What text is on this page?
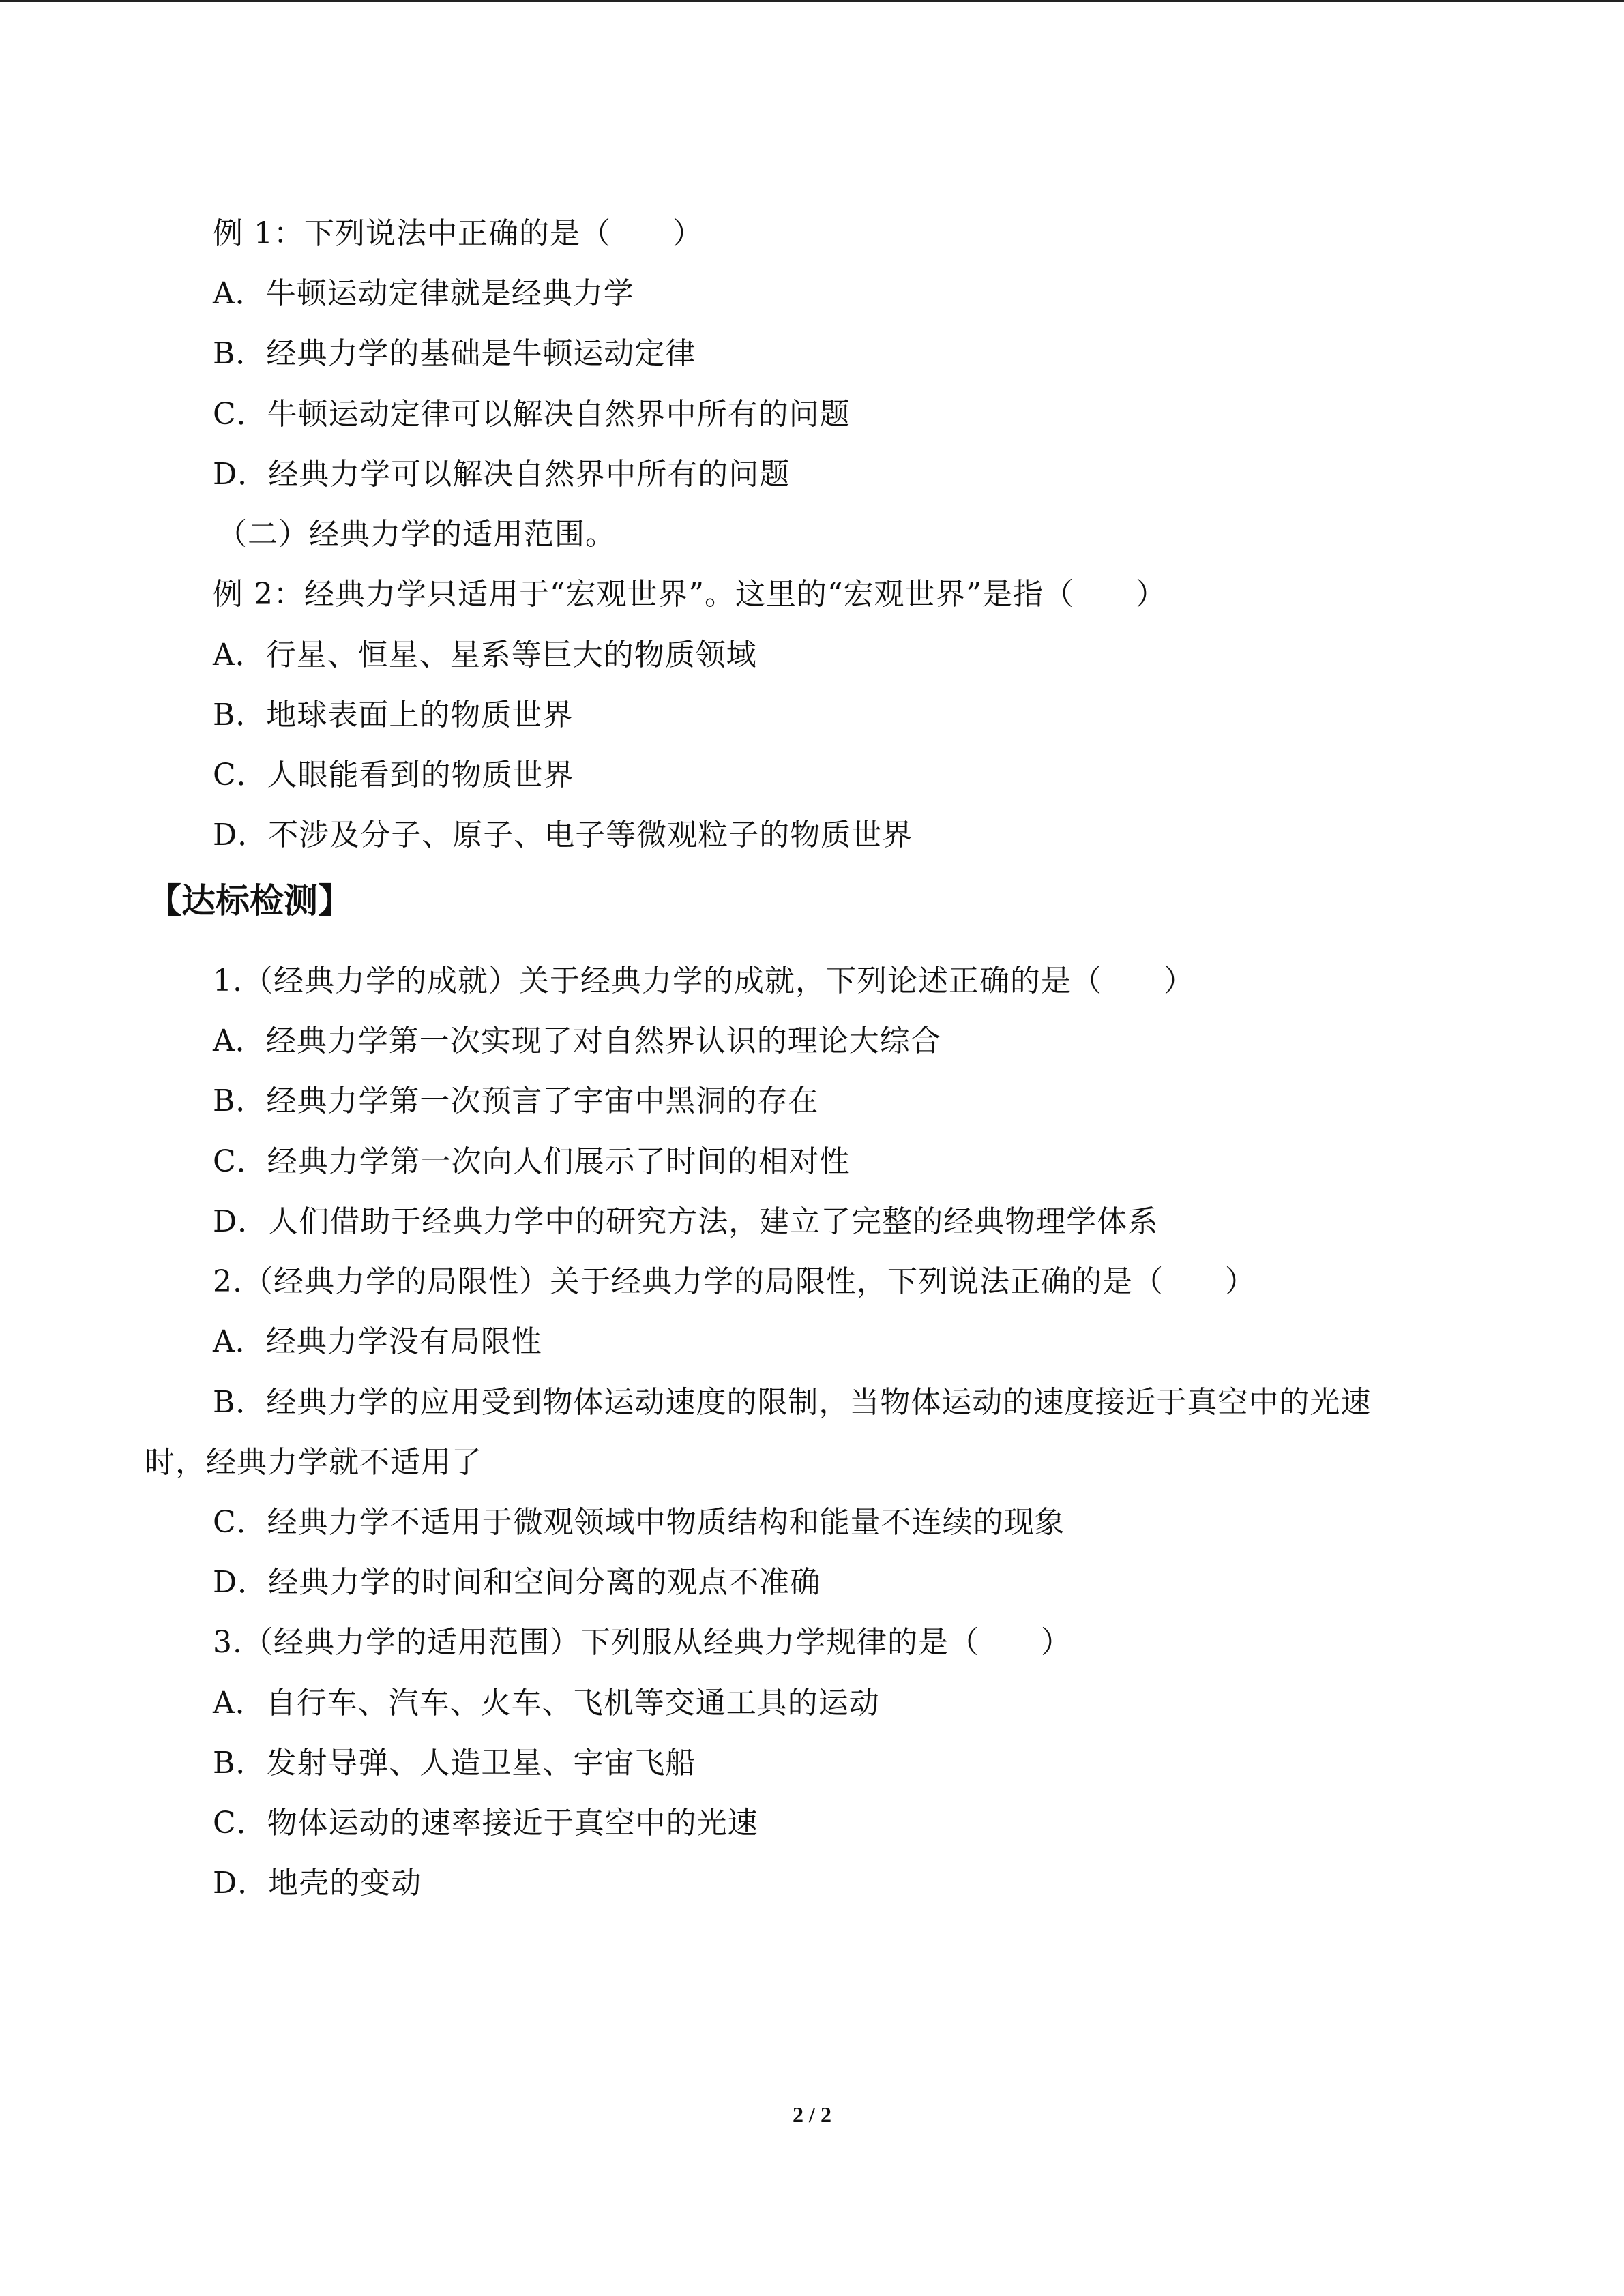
例 1：下列说法中正确的是（　　）
A．牛顿运动定律就是经典力学
B．经典力学的基础是牛顿运动定律
C．牛顿运动定律可以解决自然界中所有的问题
D．经典力学可以解决自然界中所有的问题
（二）经典力学的适用范围。
例 2：经典力学只适用于“宏观世界”。这里的“宏观世界”是指（　　）
A．行星、恒星、星系等巨大的物质领域
B．地球表面上的物质世界
C．人眼能看到的物质世界
D．不涉及分子、原子、电子等微观粒子的物质世界
【达标检测】
1.（经典力学的成就）关于经典力学的成就，下列论述正确的是（　　）
A．经典力学第一次实现了对自然界认识的理论大综合
B．经典力学第一次预言了宇宙中黑洞的存在
C．经典力学第一次向人们展示了时间的相对性
D．人们借助于经典力学中的研究方法，建立了完整的经典物理学体系
2.（经典力学的局限性）关于经典力学的局限性，下列说法正确的是（　　）
A．经典力学没有局限性
B．经典力学的应用受到物体运动速度的限制，当物体运动的速度接近于真空中的光速
时，经典力学就不适用了
C．经典力学不适用于微观领域中物质结构和能量不连续的现象
D．经典力学的时间和空间分离的观点不准确
3.（经典力学的适用范围）下列服从经典力学规律的是（　　）
A．自行车、汽车、火车、飞机等交通工具的运动
B．发射导弹、人造卫星、宇宙飞船
C．物体运动的速率接近于真空中的光速
D．地壳的变动
2 / 2
